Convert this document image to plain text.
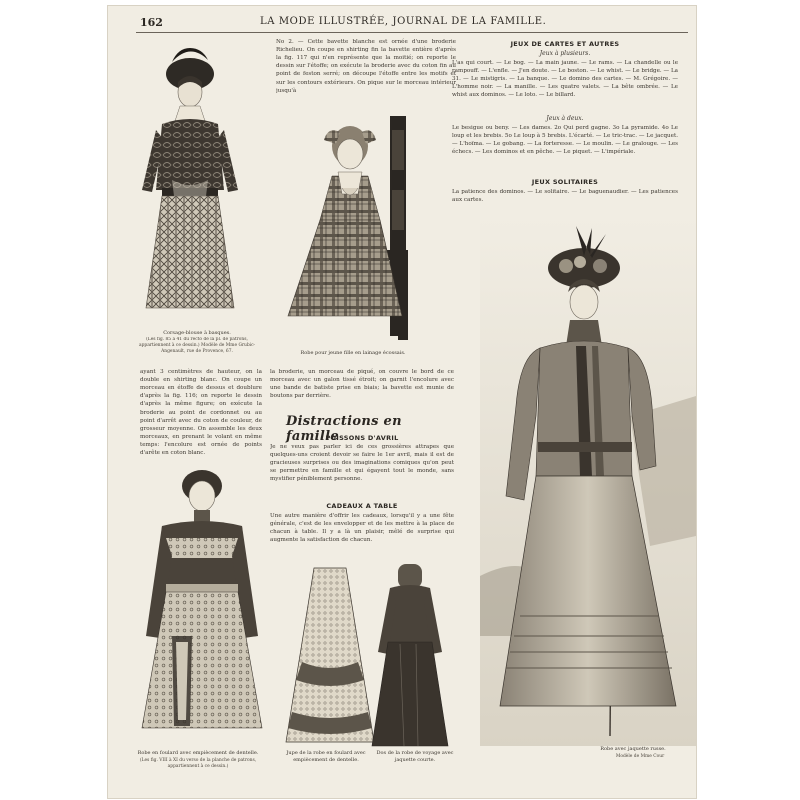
162	LA MODE ILLUSTRÉE, JOURNAL DE LA FAMILLE.
Corsage-blouse à basques.
(Les fig. 85 à 41 du recto de la pl. de patrons, appartiennent à ce dessin.) Modèle de Mme Grubic-Angenault, rue de Provence, 67.
No 2. — Cette bavette blanche est ornée d'une broderie Richelieu. On coupe en shirting fin la bavette entière d'après la fig. 117 qui n'en représente que la moitié; on reporte le dessin sur l'étoffe; on exécute la broderie avec du coton fin au point de feston serré; on découpe l'étoffe entre les motifs et sur les contours extérieurs. On pique sur le morceau intérieur jusqu'à
Robe pour jeune fille en lainage écossais.
JEUX DE CARTES ET AUTRES
Jeux à plusieurs.
L'as qui court. — Le bog. — La main jaune. — Le rams. — La chandelle ou le rampouff. — L'enfle. — J'en doute. — Le boston. — Le whist. — Le bridge. — La 31. — Le mistigris. — La banque. — Le domino des cartes. — M. Grégoire. — L'homme noir. — La manille. — Les quatre valets. — La bête ombrée. — Le whist aux dominos. — Le loto. — Le billard.
Jeux à deux.
Le besigue ou beny. — Les dames. 2o Qui perd gagne. 3o La pyramide. 4o Le loup et les brebis. 5o Le loup à 5 brebis. L'écarté. — Le tric-trac. — Le jacquet. — L'hoïma. — Le gobang. — La forteresse. — Le moulin. — Le gralouge. — Les échecs. — Les dominos et en pêche. — Le piquet. — L'impériale.
JEUX SOLITAIRES
La patience des dominos. — Le solitaire. — Le baguenaudier. — Les patiences aux cartes.
Robe avec jaquette russe.
Modèle de Mme Cour
ayant 3 centimètres de hauteur, on la double en shirting blanc. On coupe un morceau en étoffe de dessus et doublure d'après la fig. 116; on reporte le dessin d'après la même figure; on exécute la broderie au point de cordonnet ou au point d'arrêt avec du coton de couleur, de grosseur moyenne. On assemble les deux morceaux, en prenant le volant en même temps: l'encolure est ornée de points d'arête en coton blanc.
la broderie, un morceau de piqué, on couvre le bord de ce morceau avec un galon tissé étroit; on garnit l'encolure avec une bande de batiste prise en biais; la bavette est munie de boutons par derrière.
Distractions en famille
POISSONS D'AVRIL
Je ne veux pas parler ici de ces grossières attrapes que quelques-uns croient devoir se faire le 1er avril, mais il est de gracieuses surprises ou des imaginations comiques qu'on peut se permettre en famille et qui égayent tout le monde, sans mystifier péniblement personne.
CADEAUX A TABLE
Une autre manière d'offrir les cadeaux, lorsqu'il y a une fête générale, c'est de les envelopper et de les mettre à la place de chacun à table. Il y a là un plaisir, mêlé de surprise qui augmente la satisfaction de chacun.
Robe en foulard avec empiècement de dentelle.
(Les fig. VIII à XI du verso de la planche de patrons, appartiennent à ce dessin.)
Jupe de la robe en foulard avec empiècement de dentelle.
Dos de la robe de voyage avec jaquette courte.
